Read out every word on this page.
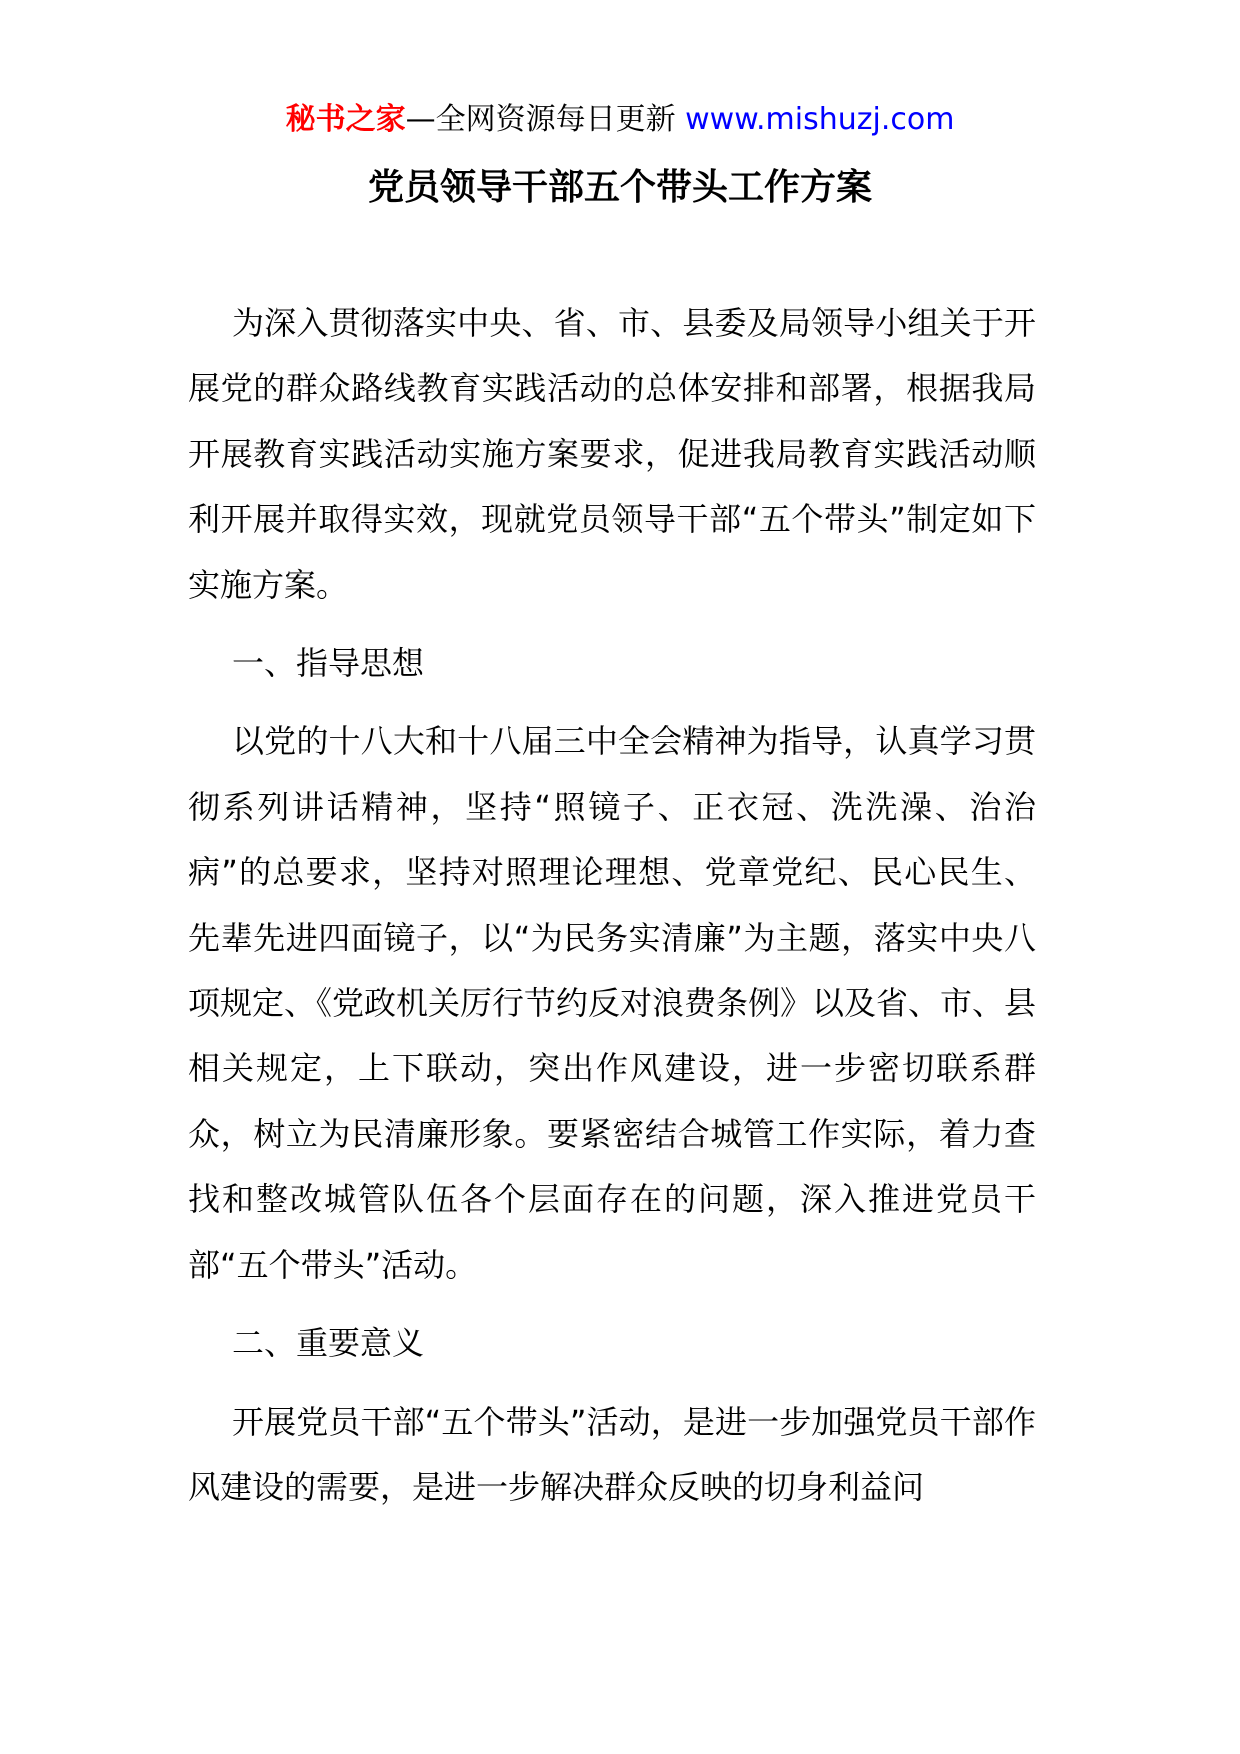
秘书之家—全网资源每日更新 www.mishuzj.com
党员领导干部五个带头工作方案

为深入贯彻落实中央、省、市、县委及局领导小组关于开展党的群众路线教育实践活动的总体安排和部署，根据我局开展教育实践活动实施方案要求，促进我局教育实践活动顺利开展并取得实效，现就党员领导干部“五个带头”制定如下实施方案。

一、指导思想

以党的十八大和十八届三中全会精神为指导，认真学习贯彻系列讲话精神，坚持“照镜子、正衣冠、洗洗澡、治治病”的总要求，坚持对照理论理想、党章党纪、民心民生、先辈先进四面镜子，以“为民务实清廉”为主题，落实中央八项规定、《党政机关厉行节约反对浪费条例》以及省、市、县相关规定，上下联动，突出作风建设，进一步密切联系群众，树立为民清廉形象。要紧密结合城管工作实际，着力查找和整改城管队伍各个层面存在的问题，深入推进党员干部“五个带头”活动。

二、重要意义

开展党员干部“五个带头”活动，是进一步加强党员干部作风建设的需要，是进一步解决群众反映的切身利益问
